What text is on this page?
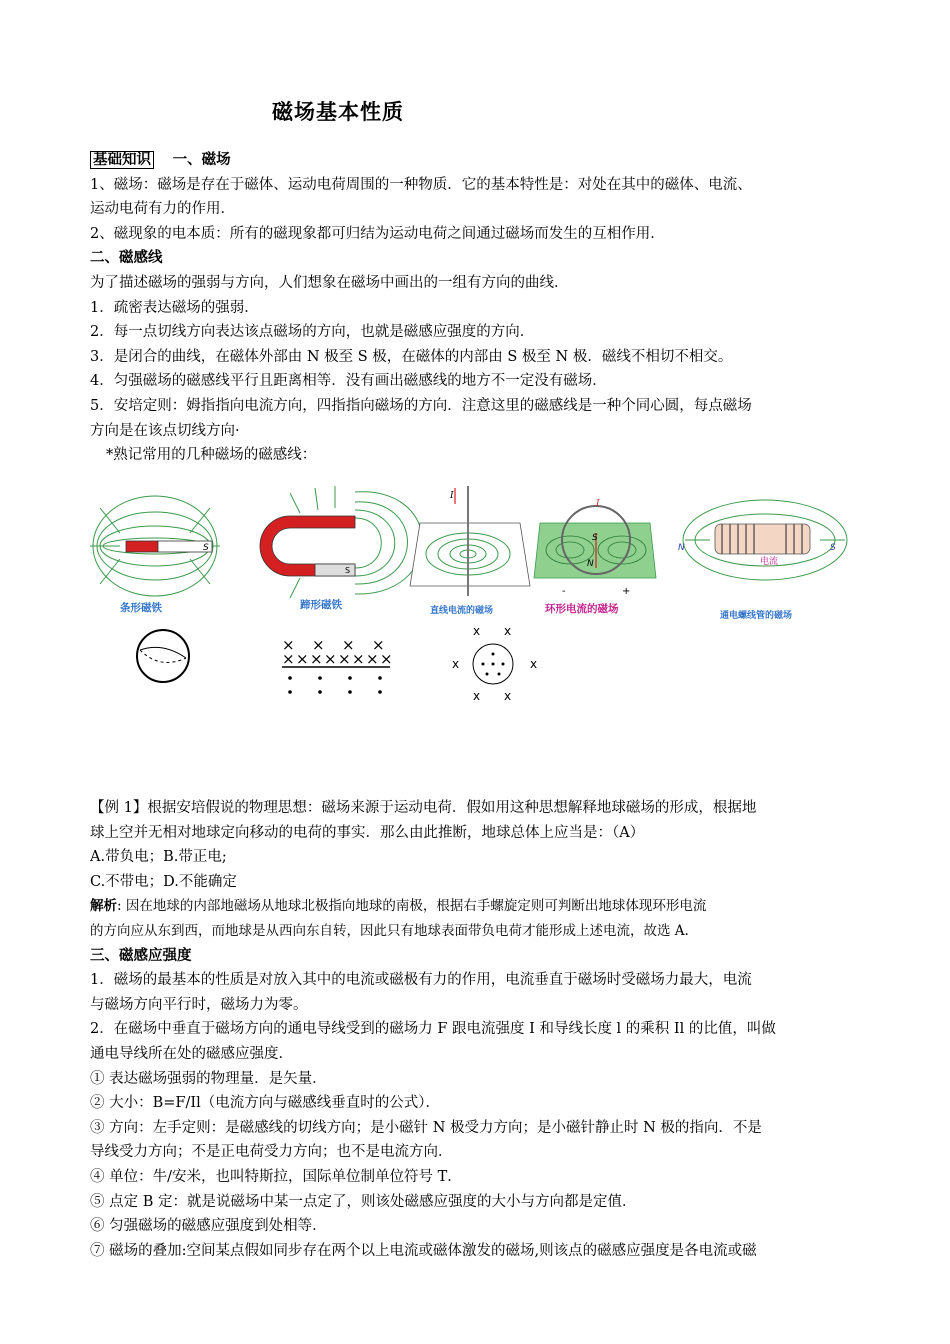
磁场基本性质
基础知识 一、磁场
1、磁场：磁场是存在于磁体、运动电荷周围的一种物质．它的基本特性是：对处在其中的磁体、电流、
运动电荷有力的作用．
2、磁现象的电本质：所有的磁现象都可归结为运动电荷之间通过磁场而发生的互相作用．
二、磁感线
为了描述磁场的强弱与方向，人们想象在磁场中画出的一组有方向的曲线．
1．疏密表达磁场的强弱．
2．每一点切线方向表达该点磁场的方向，也就是磁感应强度的方向．
3．是闭合的曲线，在磁体外部由 N 极至 S 极，在磁体的内部由 S 极至 N 极．磁线不相切不相交。
4．匀强磁场的磁感线平行且距离相等．没有画出磁感线的地方不一定没有磁场．
5．安培定则：姆指指向电流方向，四指指向磁场的方向．注意这里的磁感线是一种个同心圆，每点磁场
方向是在该点切线方向·
*熟记常用的几种磁场的磁感线：
S
条形磁铁
S
蹄形磁铁
I
直线电流的磁场
S
N
I
-	+
环形电流的磁场
N	S
电流
通电螺线管的磁场
× × × ×
× × × × × × × ×
x x
x	x
x x
【例 1】根据安培假说的物理思想：磁场来源于运动电荷．假如用这种思想解释地球磁场的形成，根据地
球上空并无相对地球定向移动的电荷的事实．那么由此推断，地球总体上应当是：（A）
A.带负电；B.带正电;
C.不带电；D.不能确定
解析: 因在地球的内部地磁场从地球北极指向地球的南极，根据右手螺旋定则可判断出地球体现环形电流
的方向应从东到西，而地球是从西向东自转，因此只有地球表面带负电荷才能形成上述电流，故选 A.
三、磁感应强度
1．磁场的最基本的性质是对放入其中的电流或磁极有力的作用，电流垂直于磁场时受磁场力最大，电流
与磁场方向平行时，磁场力为零。
2．在磁场中垂直于磁场方向的通电导线受到的磁场力 F 跟电流强度 I 和导线长度 l 的乘积 Il 的比值，叫做
通电导线所在处的磁感应强度．
① 表达磁场强弱的物理量．是矢量．
② 大小：B=F/Il（电流方向与磁感线垂直时的公式）．
③ 方向：左手定则：是磁感线的切线方向；是小磁针 N 极受力方向；是小磁针静止时 N 极的指向．不是
导线受力方向；不是正电荷受力方向；也不是电流方向．
④ 单位：牛/安米，也叫特斯拉，国际单位制单位符号 T．
⑤ 点定 B 定：就是说磁场中某一点定了，则该处磁感应强度的大小与方向都是定值．
⑥ 匀强磁场的磁感应强度到处相等．
⑦ 磁场的叠加:空间某点假如同步存在两个以上电流或磁体激发的磁场,则该点的磁感应强度是各电流或磁
